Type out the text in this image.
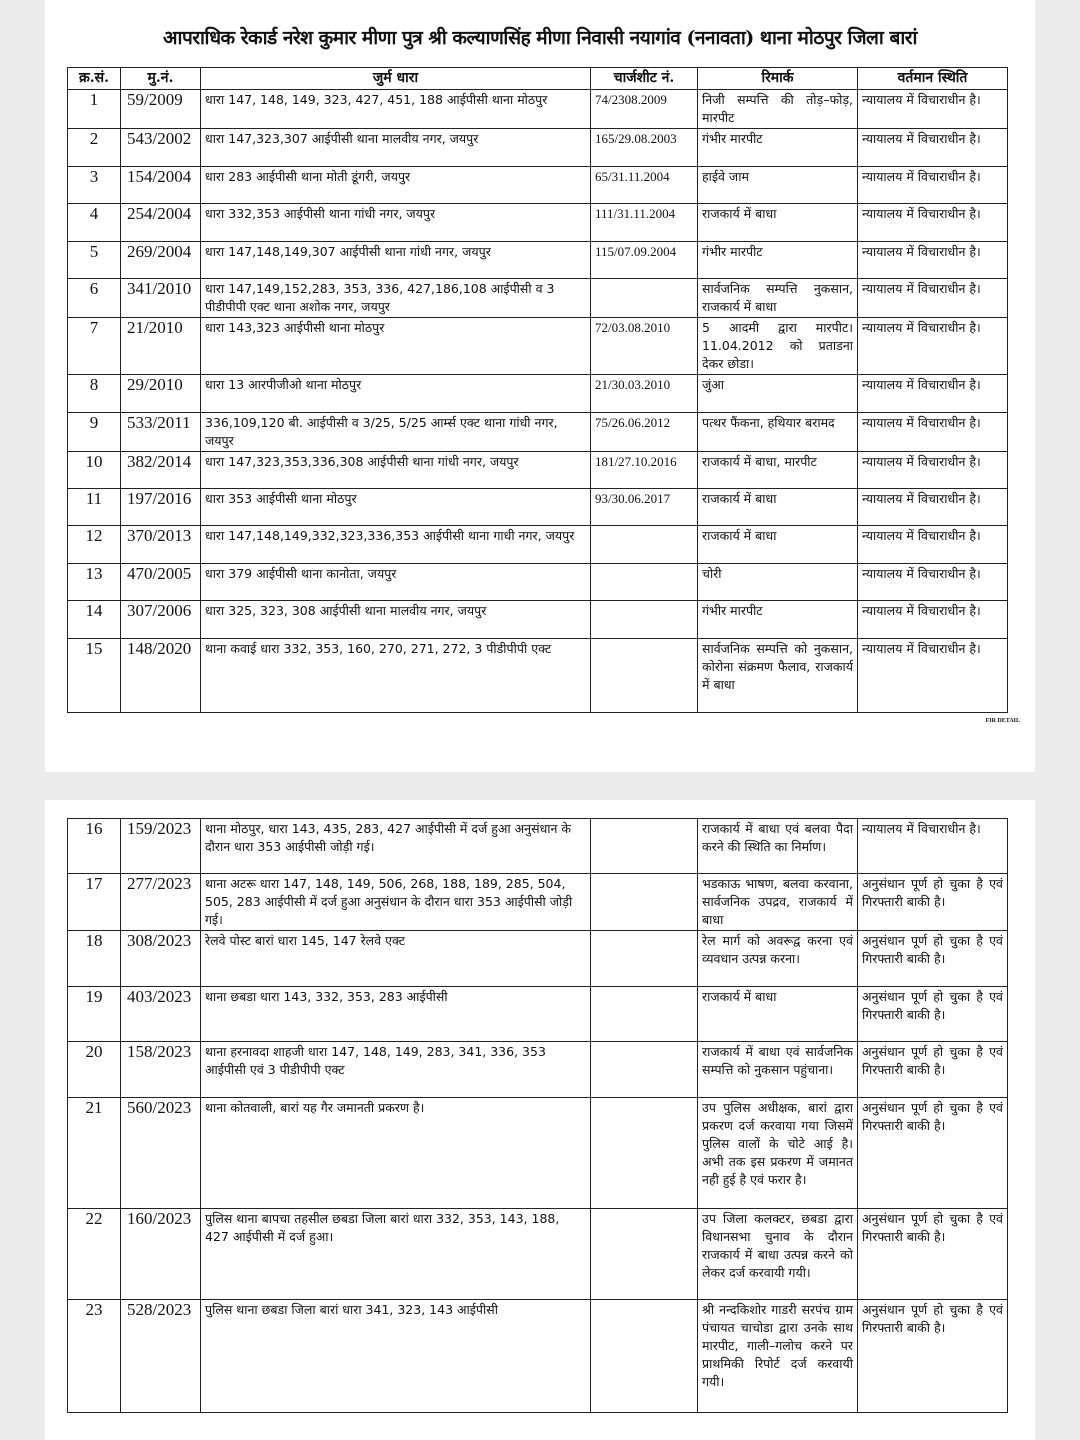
आपराधिक रेकार्ड नरेश कुमार मीणा पुत्र श्री कल्याणसिंह मीणा निवासी नयागांव (ननावता) थाना मोठपुर जिला बारां
क्र.सं.	मु.नं.	जुर्म धारा	चार्जशीट नं.	रिमार्क	वर्तमान स्थिति
1	59/2009	धारा 147, 148, 149, 323, 427, 451, 188 आईपीसी थाना मोठपुर	74/2308.2009	निजी सम्पत्ति की तोड़–फोड़, मारपीट	न्यायालय में विचाराधीन है।
2	543/2002	धारा 147,323,307 आईपीसी थाना मालवीय नगर, जयपुर	165/29.08.2003	गंभीर मारपीट	न्यायालय में विचाराधीन है।
3	154/2004	धारा 283 आईपीसी थाना मोती डूंगरी, जयपुर	65/31.11.2004	हाईवे जाम	न्यायालय में विचाराधीन है।
4	254/2004	धारा 332,353 आईपीसी थाना गांधी नगर, जयपुर	111/31.11.2004	राजकार्य में बाधा	न्यायालय में विचाराधीन है।
5	269/2004	धारा 147,148,149,307 आईपीसी थाना गांधी नगर, जयपुर	115/07.09.2004	गंभीर मारपीट	न्यायालय में विचाराधीन है।
6	341/2010	धारा 147,149,152,283, 353, 336, 427,186,108 आईपीसी व 3 पीडीपीपी एक्ट थाना अशोक नगर, जयपुर		सार्वजनिक सम्पत्ति नुकसान, राजकार्य में बाधा	न्यायालय में विचाराधीन है।
7	21/2010	धारा 143,323 आईपीसी थाना मोठपुर	72/03.08.2010	5 आदमी द्वारा मारपीट। 11.04.2012 को प्रताडना देकर छोडा।	न्यायालय में विचाराधीन है।
8	29/2010	धारा 13 आरपीजीओ थाना मोठपुर	21/30.03.2010	जुंआ	न्यायालय में विचाराधीन है।
9	533/2011	336,109,120 बी. आईपीसी व 3/25, 5/25 आर्म्स एक्ट थाना गांधी नगर, जयपुर	75/26.06.2012	पत्थर फैंकना, हथियार बरामद	न्यायालय में विचाराधीन है।
10	382/2014	धारा 147,323,353,336,308 आईपीसी थाना गांधी नगर, जयपुर	181/27.10.2016	राजकार्य में बाधा, मारपीट	न्यायालय में विचाराधीन है।
11	197/2016	धारा 353 आईपीसी थाना मोठपुर	93/30.06.2017	राजकार्य में बाधा	न्यायालय में विचाराधीन है।
12	370/2013	धारा 147,148,149,332,323,336,353 आईपीसी थाना गाधी नगर, जयपुर		राजकार्य में बाधा	न्यायालय में विचाराधीन है।
13	470/2005	धारा 379 आईपीसी थाना कानोता, जयपुर		चोरी	न्यायालय में विचाराधीन है।
14	307/2006	धारा 325, 323, 308 आईपीसी थाना मालवीय नगर, जयपुर		गंभीर मारपीट	न्यायालय में विचाराधीन है।
15	148/2020	थाना कवाई धारा 332, 353, 160, 270, 271, 272, 3 पीडीपीपी एक्ट		सार्वजनिक सम्पत्ति को नुकसान, कोरोना संक्रमण फैलाव, राजकार्य में बाधा	न्यायालय में विचाराधीन है।
FIR DETAIL
16	159/2023	थाना मोठपुर, धारा 143, 435, 283, 427 आईपीसी में दर्ज हुआ अनुसंधान के दौरान धारा 353 आईपीसी जोड़ी गई।		राजकार्य में बाधा एवं बलवा पैदा करने की स्थिति का निर्माण।	न्यायालय में विचाराधीन है।
17	277/2023	थाना अटरू धारा 147, 148, 149, 506, 268, 188, 189, 285, 504, 505, 283 आईपीसी में दर्ज हुआ अनुसंधान के दौरान धारा 353 आईपीसी जोड़ी गई।		भडकाऊ भाषण, बलवा करवाना, सार्वजनिक उपद्रव, राजकार्य में बाधा	अनुसंधान पूर्ण हो चुका है एवं गिरफ्तारी बाकी है।
18	308/2023	रेलवे पोस्ट बारां धारा 145, 147 रेलवे एक्ट		रेल मार्ग को अवरूद्व करना एवं व्यवधान उत्पन्न करना।	अनुसंधान पूर्ण हो चुका है एवं गिरफ्तारी बाकी है।
19	403/2023	थाना छबडा धारा 143, 332, 353, 283 आईपीसी		राजकार्य में बाधा	अनुसंधान पूर्ण हो चुका है एवं गिरफ्तारी बाकी है।
20	158/2023	थाना हरनावदा शाहजी धारा 147, 148, 149, 283, 341, 336, 353 आईपीसी एवं 3 पीडीपीपी एक्ट		राजकार्य में बाधा एवं सार्वजनिक सम्पत्ति को नुकसान पहुंचाना।	अनुसंधान पूर्ण हो चुका है एवं गिरफ्तारी बाकी है।
21	560/2023	थाना कोतवाली, बारां यह गैर जमानती प्रकरण है।		उप पुलिस अधीक्षक, बारां द्वारा प्रकरण दर्ज करवाया गया जिसमें पुलिस वालों के चोटे आई है। अभी तक इस प्रकरण में जमानत नही हुई है एवं फरार है।	अनुसंधान पूर्ण हो चुका है एवं गिरफ्तारी बाकी है।
22	160/2023	पुलिस थाना बापचा तहसील छबडा जिला बारां धारा 332, 353, 143, 188, 427 आईपीसी में दर्ज हुआ।		उप जिला कलक्टर, छबडा द्वारा विधानसभा चुनाव के दौरान राजकार्य में बाधा उत्पन्न करने को लेकर दर्ज करवायी गयी।	अनुसंधान पूर्ण हो चुका है एवं गिरफ्तारी बाकी है।
23	528/2023	पुलिस थाना छबडा जिला बारां धारा 341, 323, 143 आईपीसी		श्री नन्दकिशोर गाडरी सरपंच ग्राम पंचायत चाचोडा द्वारा उनके साथ मारपीट, गाली–गलोच करने पर प्राथमिकी रिपोर्ट दर्ज करवायी गयी।	अनुसंधान पूर्ण हो चुका है एवं गिरफ्तारी बाकी है।
